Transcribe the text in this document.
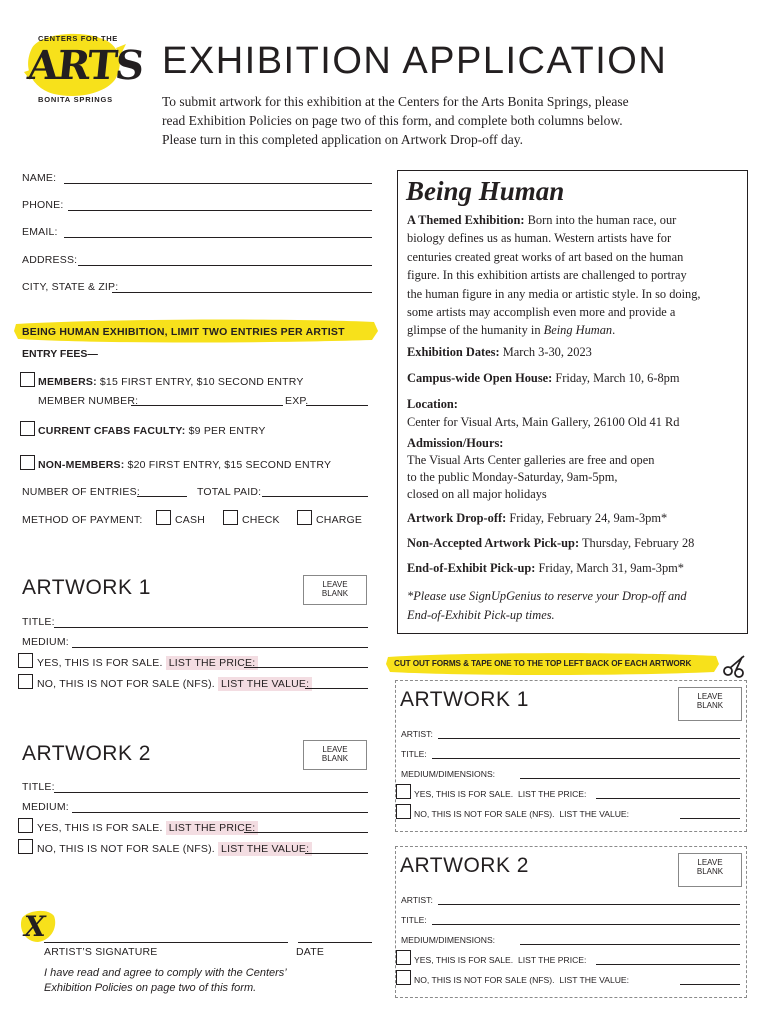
CENTERS FOR THE
ARTS
BONITA SPRINGS
EXHIBITION APPLICATION
To submit artwork for this exhibition at the Centers for the Arts Bonita Springs, please
read Exhibition Policies on page two of this form, and complete both columns below.
Please turn in this completed application on Artwork Drop-off day.
NAME:
PHONE:
EMAIL:
ADDRESS:
CITY, STATE & ZIP:
BEING HUMAN EXHIBITION, LIMIT TWO ENTRIES PER ARTIST
ENTRY FEES—
MEMBERS: $15 FIRST ENTRY, $10 SECOND ENTRY
MEMBER NUMBER:	EXP.
CURRENT CFABS FACULTY: $9 PER ENTRY
NON-MEMBERS: $20 FIRST ENTRY, $15 SECOND ENTRY
NUMBER OF ENTRIES:	TOTAL PAID:
METHOD OF PAYMENT:	CASH	CHECK	CHARGE
ARTWORK 1	LEAVE BLANK
TITLE:
MEDIUM:
YES, THIS IS FOR SALE. LIST THE PRICE:
NO, THIS IS NOT FOR SALE (NFS). LIST THE VALUE:
ARTWORK 2	LEAVE BLANK
TITLE:
MEDIUM:
YES, THIS IS FOR SALE. LIST THE PRICE:
NO, THIS IS NOT FOR SALE (NFS). LIST THE VALUE:
X
ARTIST’S SIGNATURE	DATE
I have read and agree to comply with the Centers’
Exhibition Policies on page two of this form.
Being Human
A Themed Exhibition: Born into the human race, our
biology defines us as human. Western artists have for
centuries created great works of art based on the human
figure. In this exhibition artists are challenged to portray
the human figure in any media or artistic style. In so doing,
some artists may accomplish even more and provide a
glimpse of the humanity in Being Human.
Exhibition Dates: March 3-30, 2023
Campus-wide Open House: Friday, March 10, 6-8pm
Location:
Center for Visual Arts, Main Gallery, 26100 Old 41 Rd
Admission/Hours:
The Visual Arts Center galleries are free and open
to the public Monday-Saturday, 9am-5pm,
closed on all major holidays
Artwork Drop-off: Friday, February 24, 9am-3pm*
Non-Accepted Artwork Pick-up: Thursday, February 28
End-of-Exhibit Pick-up: Friday, March 31, 9am-3pm*
*Please use SignUpGenius to reserve your Drop-off and
End-of-Exhibit Pick-up times.
CUT OUT FORMS & TAPE ONE TO THE TOP LEFT BACK OF EACH ARTWORK
ARTWORK 1	LEAVE BLANK
ARTIST:
TITLE:
MEDIUM/DIMENSIONS:
YES, THIS IS FOR SALE.  LIST THE PRICE:
NO, THIS IS NOT FOR SALE (NFS).  LIST THE VALUE:
ARTWORK 2	LEAVE BLANK
ARTIST:
TITLE:
MEDIUM/DIMENSIONS:
YES, THIS IS FOR SALE.  LIST THE PRICE:
NO, THIS IS NOT FOR SALE (NFS).  LIST THE VALUE:
